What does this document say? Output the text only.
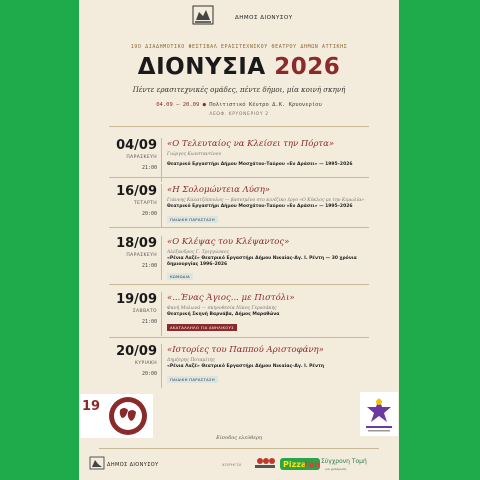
ΔΗΜΟΣ ΔΙΟΝΥΣΟΥ
19Ο ΔΙΑΔΗΜΟΤΙΚΟ ΦΕΣΤΙΒΑΛ ΕΡΑΣΙΤΕΧΝΙΚΟΥ ΘΕΑΤΡΟΥ ΔΗΜΩΝ ΑΤΤΙΚΗΣ
ΔΙΟΝΥΣΙΑ 2026
Πέντε ερασιτεχνικές ομάδες, πέντε δήμοι, μία κοινή σκηνή
04.09 — 20.09 ● Πολιτιστικό Κέντρο Δ.Κ. Κρυονερίου
ΛΕΩΦ. ΚΡΥΟΝΕΡΙΟΥ 2
04/09
ΠΑΡΑΣΚΕΥΗ
21:00
«Ο Τελευταίος να Κλείσει την Πόρτα»
Γιώργος Κωνσταντίνου
Θεατρικό Εργαστήρι Δήμου Μοσχάτου-Ταύρου «Εν Δράσει» — 1995–2026
16/09
ΤΕΤΑΡΤΗ
20:00
«Η Σολομώντεια Λύση»
Γιάννης Καλατζόπουλος — βασισμένο στο κινέζικο έργο «Ο Κύκλος με την Κιμωλία»
Θεατρικό Εργαστήρι Δήμου Μοσχάτου-Ταύρου «Εν Δράσει» — 1995–2026
ΠΑΙΔΙΚΗ ΠΑΡΑΣΤΑΣΗ
18/09
ΠΑΡΑΣΚΕΥΗ
21:00
«Ο Κλέψας του Κλέψαντος»
Αλέξανδρος Γ. Τριγγώνκος
«Ρένια Λαζέ» Θεατρικό Εργαστήρι Δήμου Νικαίας–Αγ. Ι. Ρέντη — 30 χρόνια δημιουργίας 1996–2026
ΚΩΜΩΔΙΑ
19/09
ΣΑΒΒΑΤΟ
21:00
«...Ένας Άγιος... με Πιστόλι»
Φανή Μυλωνά — σκηνοθεσία Νίκος Γεροσάκης
Θεατρική Σκηνή Βαρνάβα, Δήμος Μαραθώνα
ΑΚΑΤΑΛΛΗΛΟ ΓΙΑ ΑΝΗΛΙΚΟΥΣ
20/09
ΚΥΡΙΑΚΗ
20:00
«Ιστορίες του Παππού Αριστοφάνη»
Δημήτρης Ποταμίτης
«Ρένια Λαζέ» Θεατρικό Εργαστήρι Δήμου Νικαίας–Αγ. Ι. Ρέντη
ΠΑΙΔΙΚΗ ΠΑΡΑΣΤΑΣΗ
19
Είσοδος ελεύθερη
ΔΗΜΟΣ ΔΙΟΝΥΣΟΥ	ΧΟΡΗΓΟΙ	Pizza
Fan Σύγχρονη Τομή
για χαλάρωση
